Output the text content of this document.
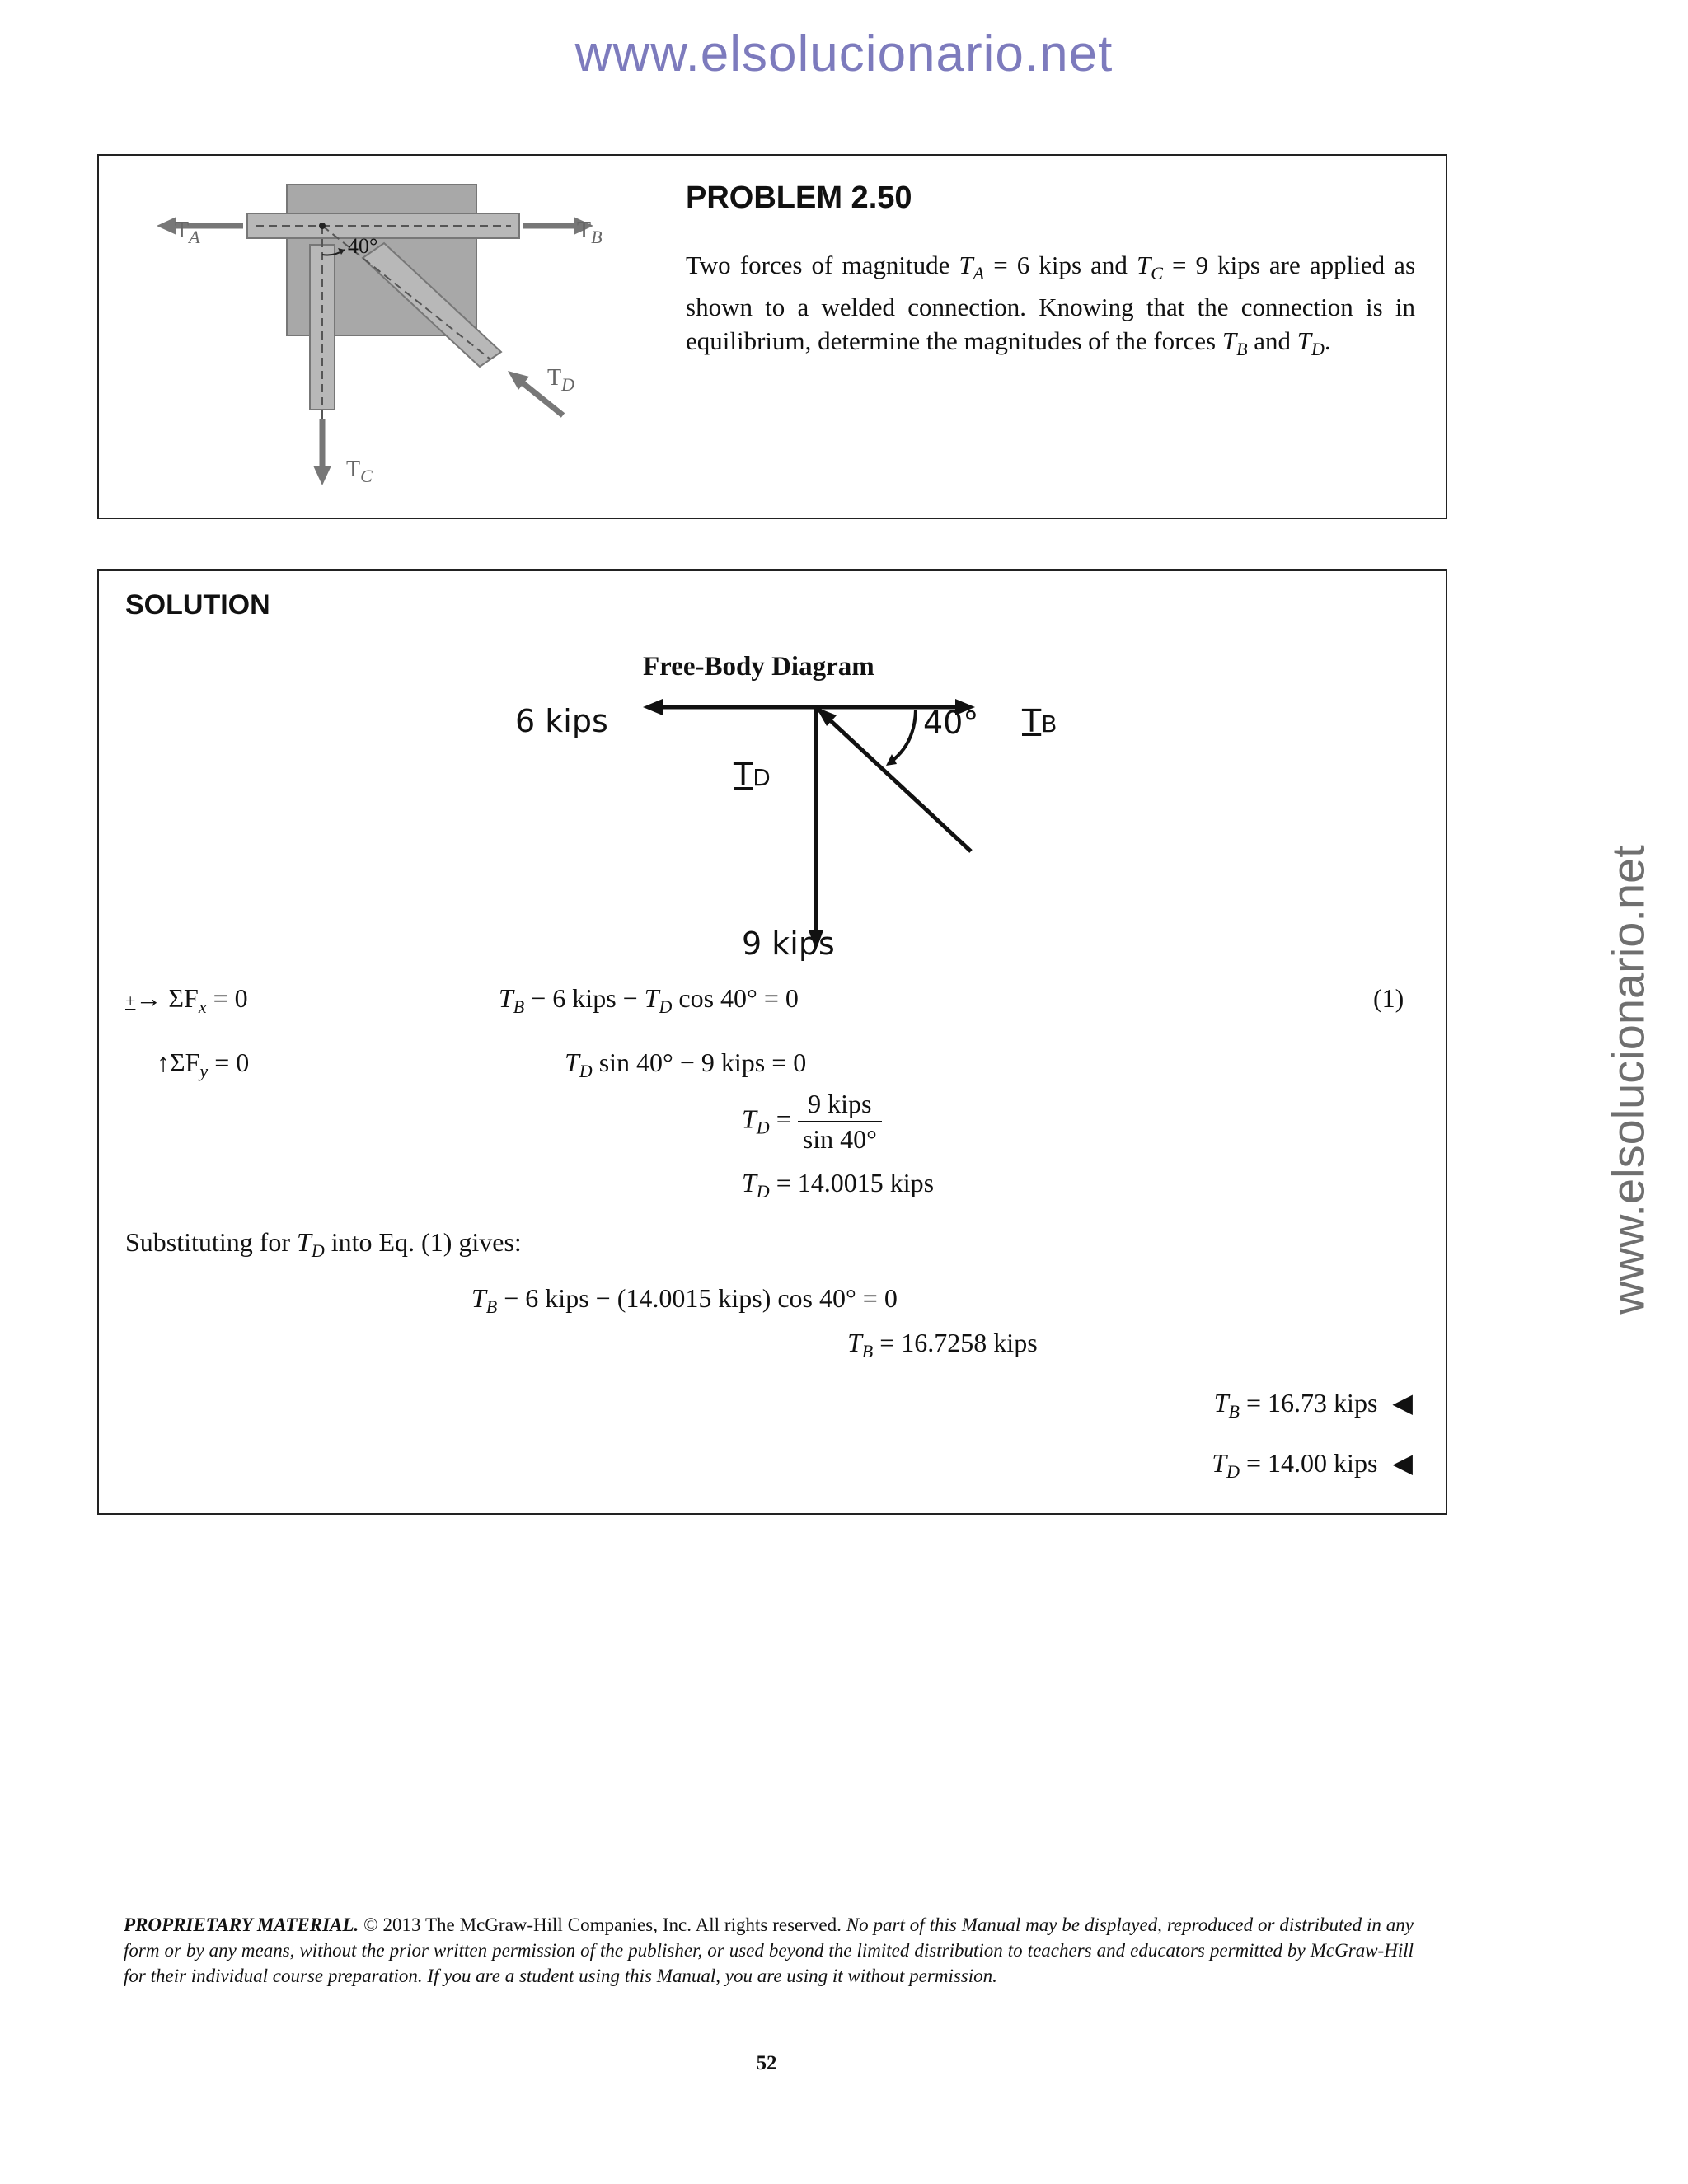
www.elsolucionario.net
www.elsolucionario.net
$T_A$	$T_B$
40°
$T_D$
$T_C$
PROBLEM 2.50
Two forces of magnitude $T_A = 6$ kips and $T_C = 9$ kips are applied as shown to a welded connection. Knowing that the connection is in equilibrium, determine the magnitudes of the forces $T_B$ and $T_D$.
SOLUTION
Free-Body Diagram
6 kips	40° TB
TD
9 kips
+→ $\Sigma F_x = 0$	$T_B - 6$ kips − $T_D$ cos 40° = 0	(1)
$↑\Sigma F_y = 0$	$T_D$ sin 40° − 9 kips = 0
$T_D = \frac{\text{9 kips}}{\sin 40^\circ}$
$T_D = 14.0015$ kips
Substituting for $T_D$ into Eq. (1) gives:
$T_B - 6$ kips − (14.0015 kips) cos 40° = 0
$T_B = 16.7258$ kips
$T_B = 16.73$ kips ◀
$T_D = 14.00$ kips ◀
PROPRIETARY MATERIAL. © 2013 The McGraw-Hill Companies, Inc. All rights reserved. No part of this Manual may be displayed, reproduced or distributed in any form or by any means, without the prior written permission of the publisher, or used beyond the limited distribution to teachers and educators permitted by McGraw-Hill for their individual course preparation. If you are a student using this Manual, you are using it without permission.
52
